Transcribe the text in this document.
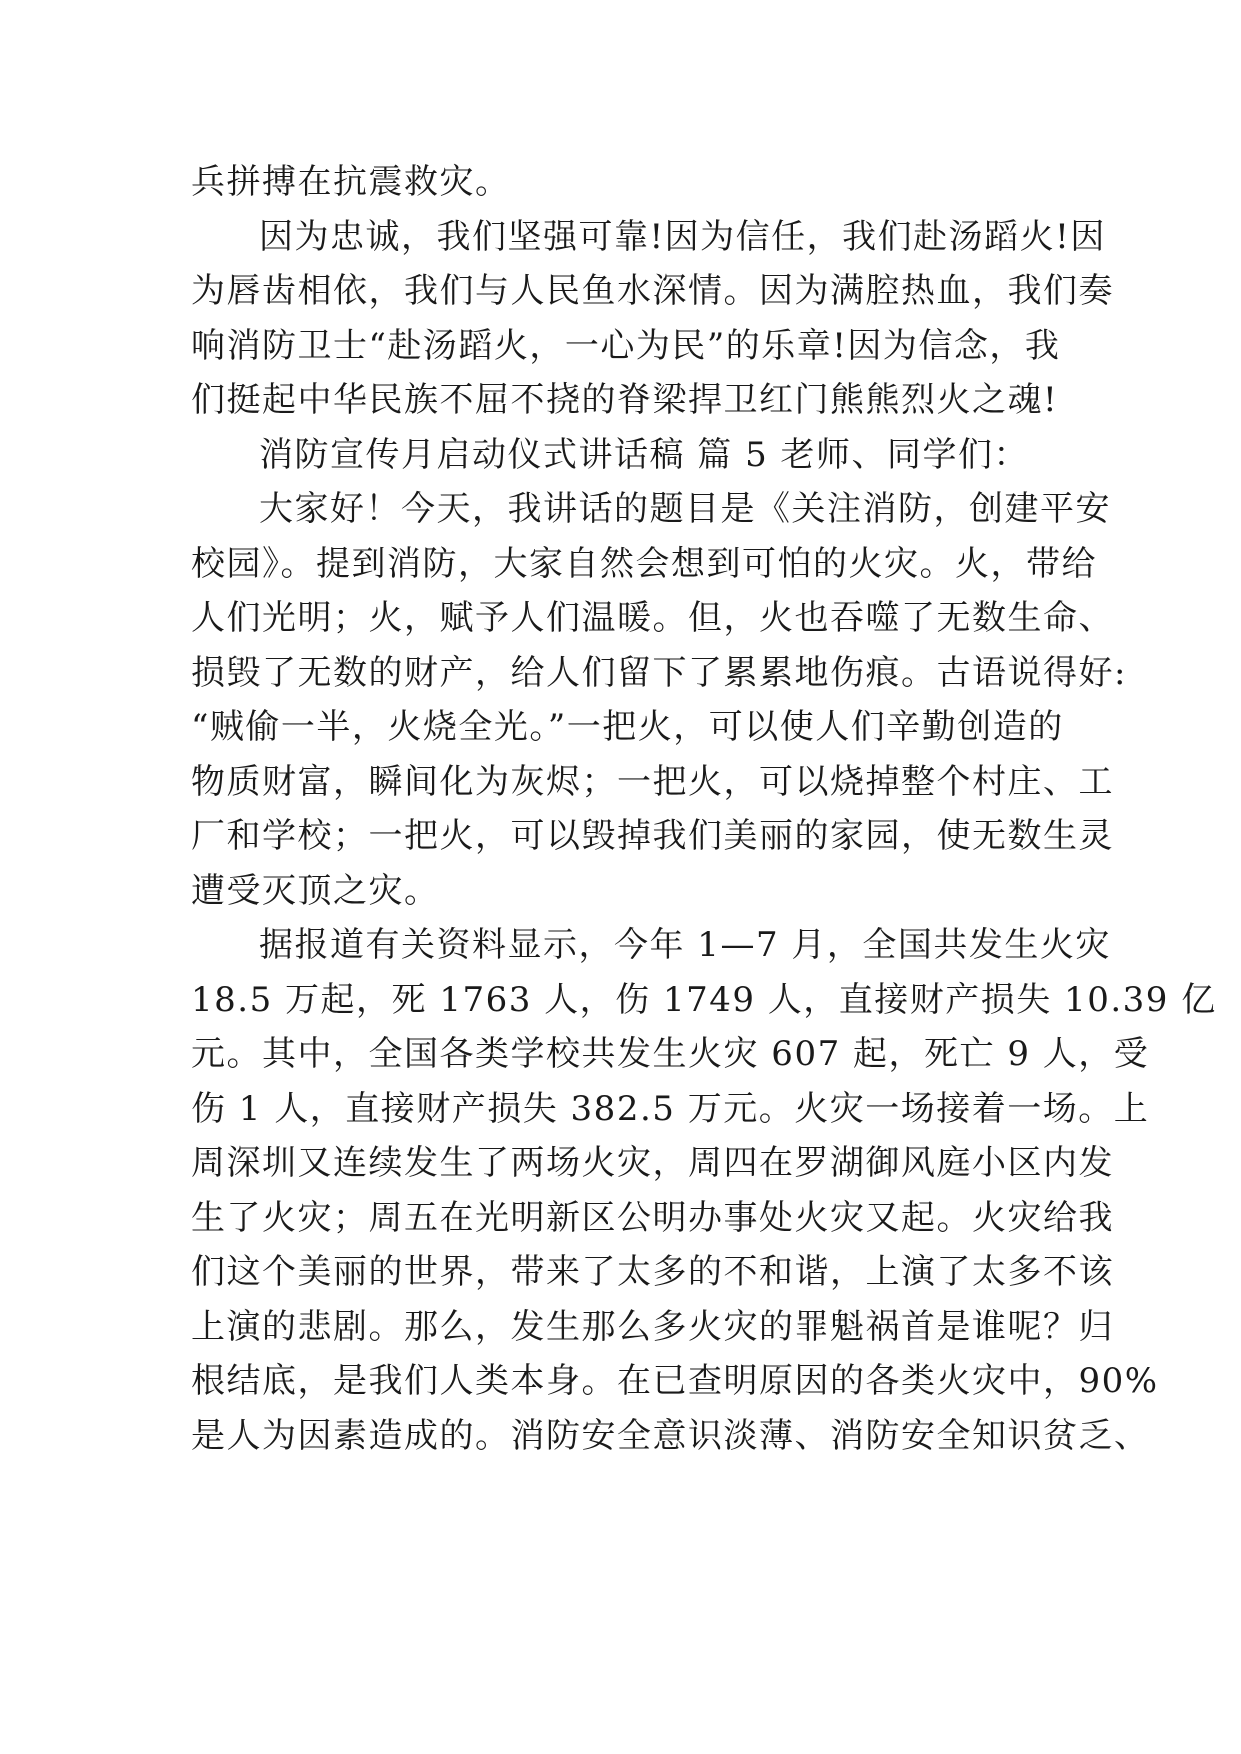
兵拼搏在抗震救灾。
因为忠诚，我们坚强可靠!因为信任，我们赴汤蹈火!因
为唇齿相依，我们与人民鱼水深情。因为满腔热血，我们奏
响消防卫士“赴汤蹈火，一心为民”的乐章!因为信念，我
们挺起中华民族不屈不挠的脊梁捍卫红门熊熊烈火之魂!
消防宣传月启动仪式讲话稿 篇 5 老师、同学们：
大家好！今天，我讲话的题目是《关注消防，创建平安
校园》。提到消防，大家自然会想到可怕的火灾。火，带给
人们光明；火，赋予人们温暖。但，火也吞噬了无数生命、
损毁了无数的财产，给人们留下了累累地伤痕。古语说得好:
“贼偷一半，火烧全光。”一把火，可以使人们辛勤创造的
物质财富，瞬间化为灰烬；一把火，可以烧掉整个村庄、工
厂和学校；一把火，可以毁掉我们美丽的家园，使无数生灵
遭受灭顶之灾。
据报道有关资料显示，今年 1—7 月，全国共发生火灾
18.5 万起，死 1763 人，伤 1749 人，直接财产损失 10.39 亿
元。其中，全国各类学校共发生火灾 607 起，死亡 9 人，受
伤 1 人，直接财产损失 382.5 万元。火灾一场接着一场。上
周深圳又连续发生了两场火灾，周四在罗湖御风庭小区内发
生了火灾；周五在光明新区公明办事处火灾又起。火灾给我
们这个美丽的世界，带来了太多的不和谐，上演了太多不该
上演的悲剧。那么，发生那么多火灾的罪魁祸首是谁呢？归
根结底，是我们人类本身。在已查明原因的各类火灾中，90%
是人为因素造成的。消防安全意识淡薄、消防安全知识贫乏、
